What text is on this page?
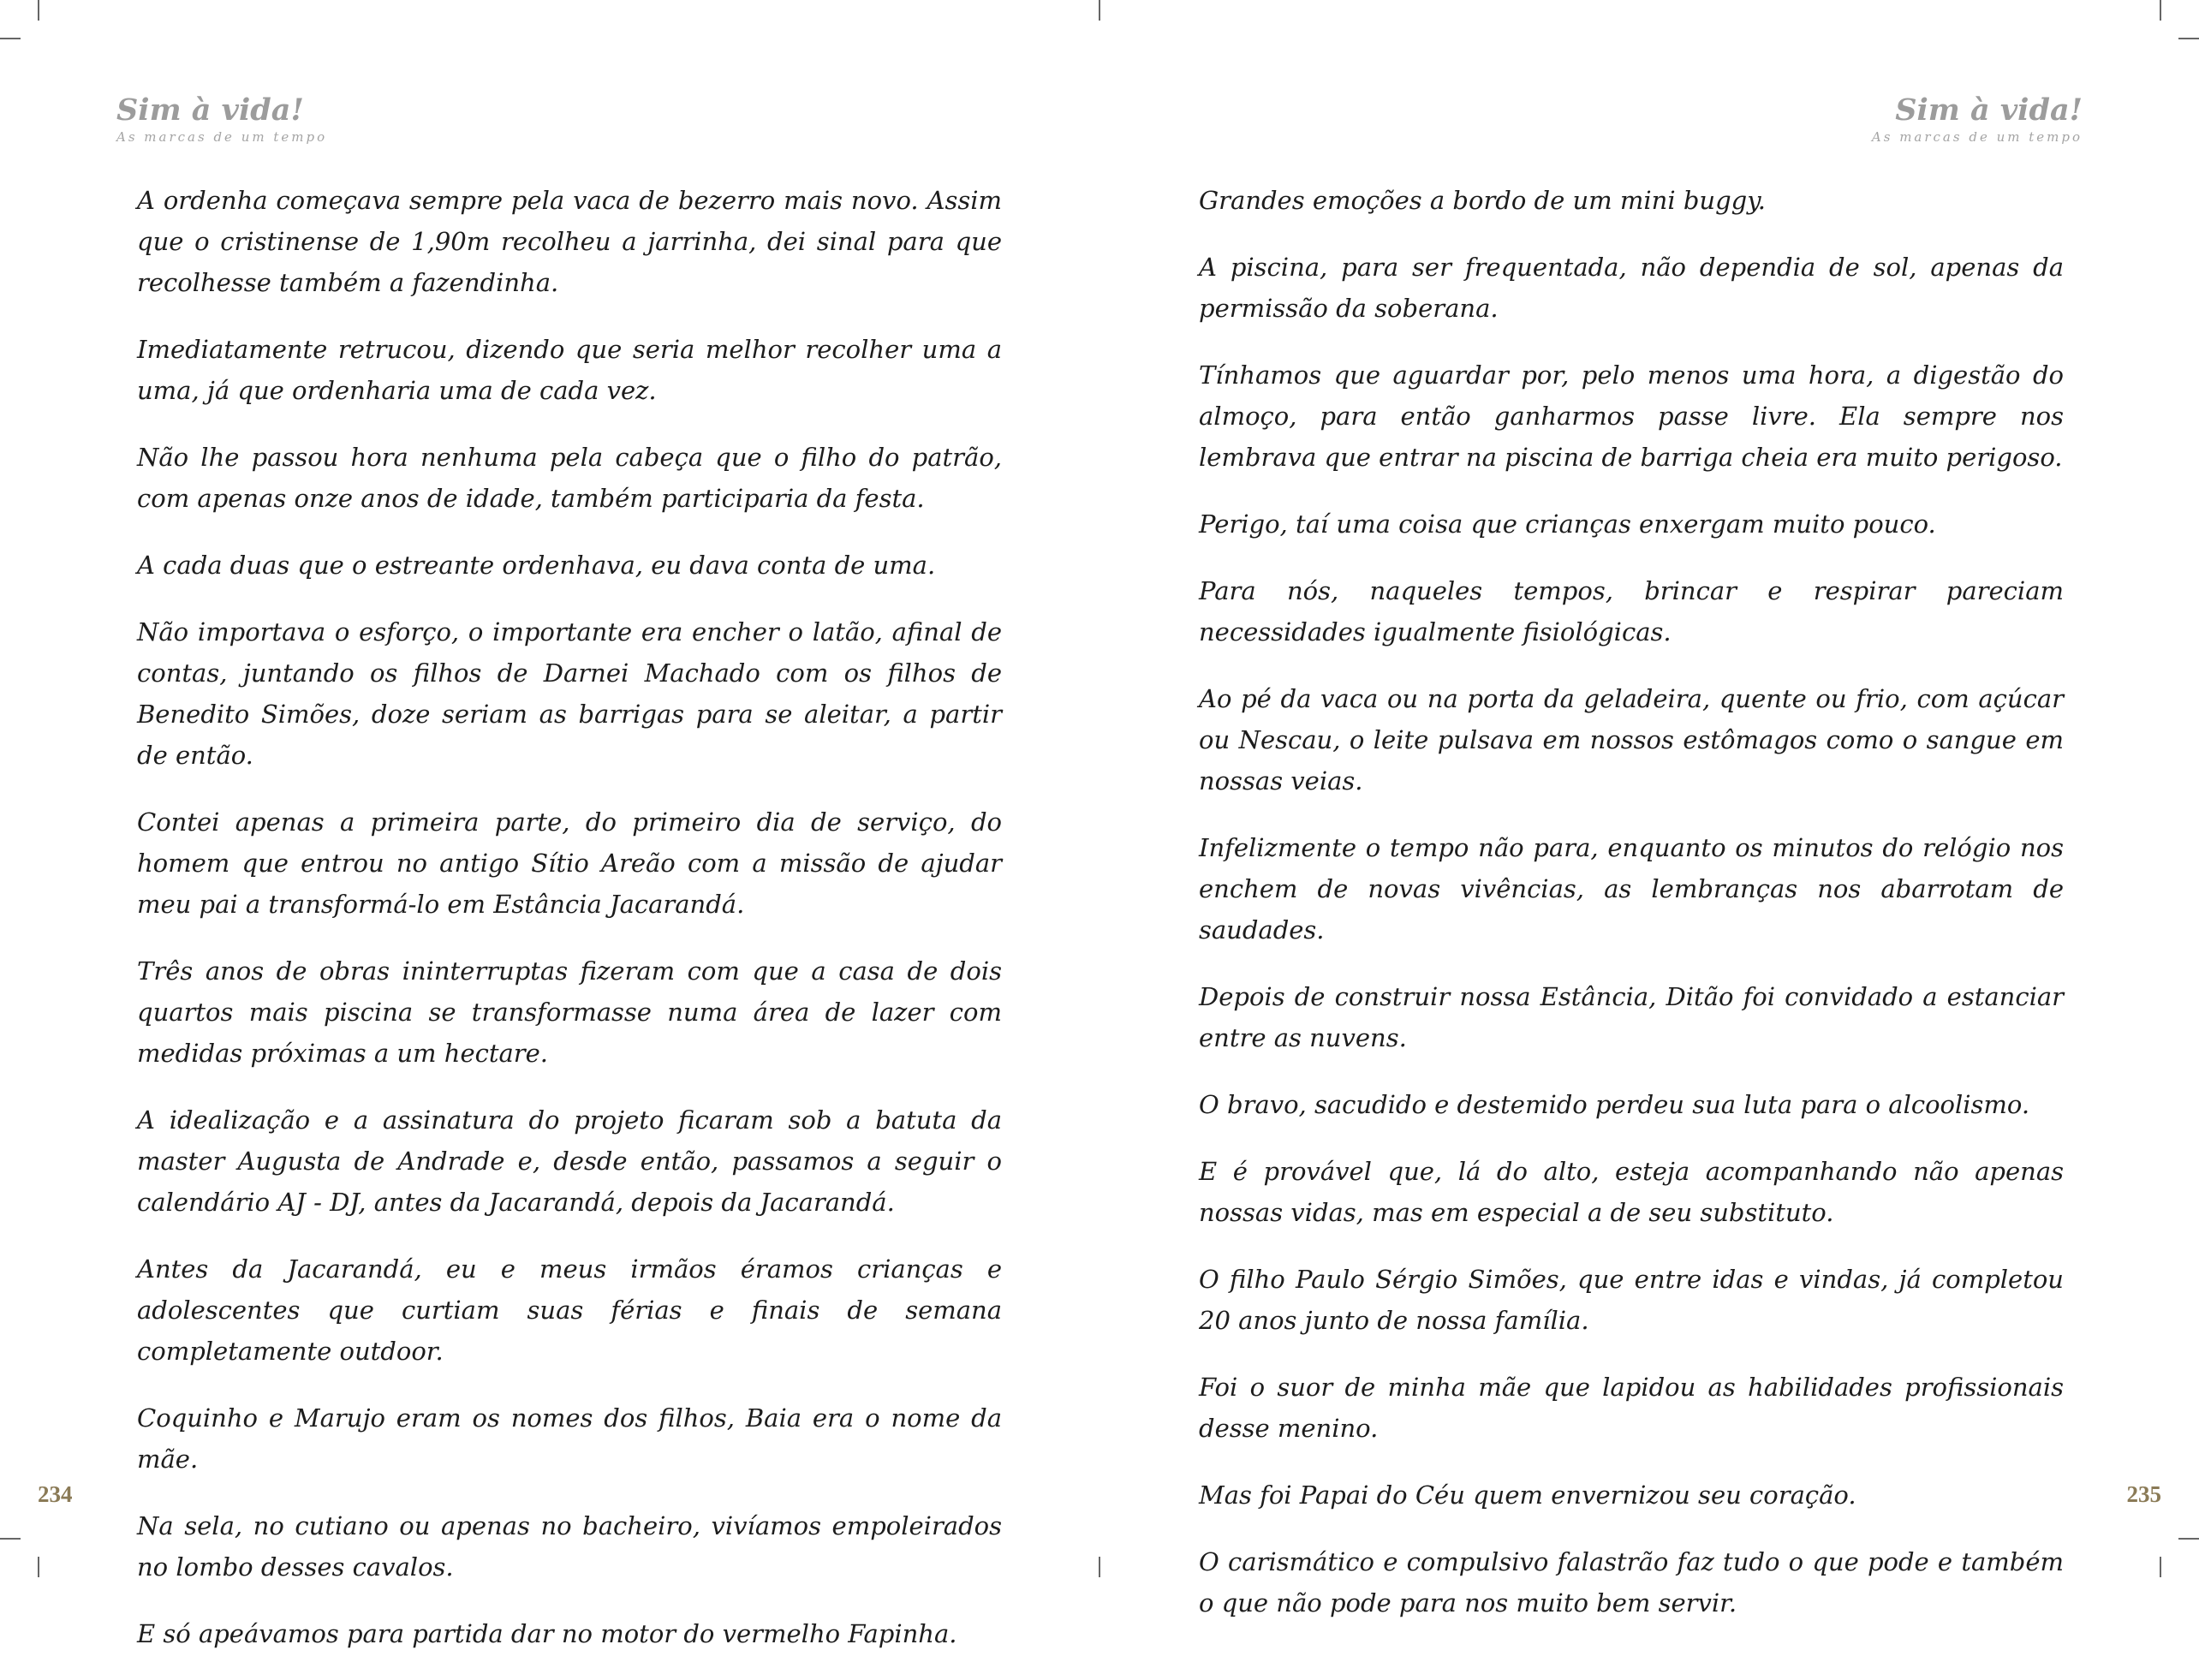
Sim à vida!
As marcas de um tempo

A ordenha começava sempre pela vaca de bezerro mais novo. Assim que o cristinense de 1,90m recolheu a jarrinha, dei sinal para que recolhesse também a fazendinha.

Imediatamente retrucou, dizendo que seria melhor recolher uma a uma, já que ordenharia uma de cada vez.

Não lhe passou hora nenhuma pela cabeça que o filho do patrão, com apenas onze anos de idade, também participaria da festa.

A cada duas que o estreante ordenhava, eu dava conta de uma.

Não importava o esforço, o importante era encher o latão, afinal de contas, juntando os filhos de Darnei Machado com os filhos de Benedito Simões, doze seriam as barrigas para se aleitar, a partir de então.

Contei apenas a primeira parte, do primeiro dia de serviço, do homem que entrou no antigo Sítio Areão com a missão de ajudar meu pai a transformá-lo em Estância Jacarandá.

Três anos de obras ininterruptas fizeram com que a casa de dois quartos mais piscina se transformasse numa área de lazer com medidas próximas a um hectare.

A idealização e a assinatura do projeto ficaram sob a batuta da master Augusta de Andrade e, desde então, passamos a seguir o calendário AJ - DJ, antes da Jacarandá, depois da Jacarandá.

Antes da Jacarandá, eu e meus irmãos éramos crianças e adolescentes que curtiam suas férias e finais de semana completamente outdoor.

Coquinho e Marujo eram os nomes dos filhos, Baia era o nome da mãe.

Na sela, no cutiano ou apenas no bacheiro, vivíamos empoleirados no lombo desses cavalos.

E só apeávamos para partida dar no motor do vermelho Fapinha.

234
Sim à vida!
As marcas de um tempo

Grandes emoções a bordo de um mini buggy.

A piscina, para ser frequentada, não dependia de sol, apenas da permissão da soberana.

Tínhamos que aguardar por, pelo menos uma hora, a digestão do almoço, para então ganharmos passe livre. Ela sempre nos lembrava que entrar na piscina de barriga cheia era muito perigoso.

Perigo, taí uma coisa que crianças enxergam muito pouco.

Para nós, naqueles tempos, brincar e respirar pareciam necessidades igualmente fisiológicas.

Ao pé da vaca ou na porta da geladeira, quente ou frio, com açúcar ou Nescau, o leite pulsava em nossos estômagos como o sangue em nossas veias.

Infelizmente o tempo não para, enquanto os minutos do relógio nos enchem de novas vivências, as lembranças nos abarrotam de saudades.

Depois de construir nossa Estância, Ditão foi convidado a estanciar entre as nuvens.

O bravo, sacudido e destemido perdeu sua luta para o alcoolismo.

E é provável que, lá do alto, esteja acompanhando não apenas nossas vidas, mas em especial a de seu substituto.

O filho Paulo Sérgio Simões, que entre idas e vindas, já completou 20 anos junto de nossa família.

Foi o suor de minha mãe que lapidou as habilidades profissionais desse menino.

Mas foi Papai do Céu quem envernizou seu coração.

O carismático e compulsivo falastrão faz tudo o que pode e também o que não pode para nos muito bem servir.

235
